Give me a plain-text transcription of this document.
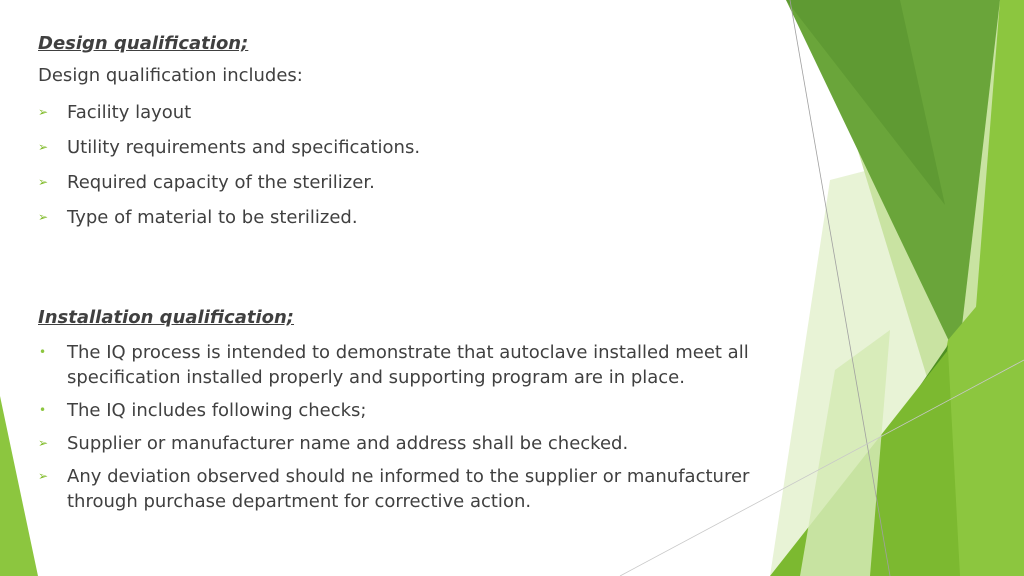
Design qualification;

Design qualification includes:

➢	Facility layout
➢	Utility requirements and specifications.
➢	Required capacity of the sterilizer.
➢	Type of material to be sterilized.
Installation qualification;
•	The IQ process is intended to demonstrate that autoclave installed meet all specification installed properly and supporting program are in place.
•	The IQ includes following checks;
➢	Supplier or manufacturer name and address shall be checked.
➢	Any deviation observed should ne informed to the supplier or manufacturer through purchase department for corrective action.
